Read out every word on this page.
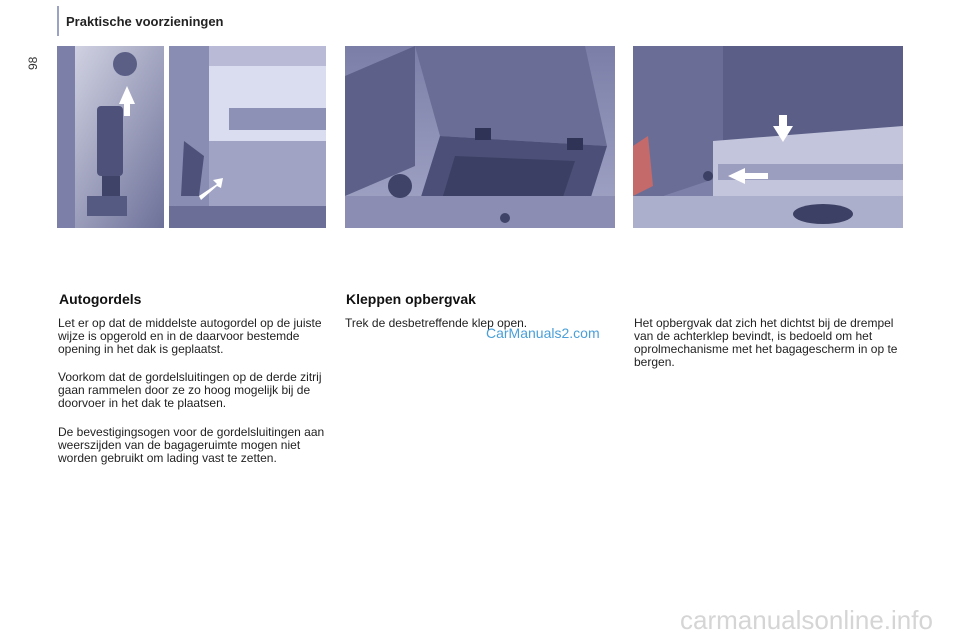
98
Praktische voorzieningen
Autogordels

Let er op dat de middelste autogordel op de juiste wijze is opgerold en in de daarvoor bestemde opening in het dak is geplaatst.

Voorkom dat de gordelsluitingen op de derde zitrij gaan rammelen door ze zo hoog mogelijk bij de doorvoer in het dak te plaatsen.

De bevestigingsogen voor de gordelsluitingen aan weerszijden van de bagageruimte mogen niet worden gebruikt om lading vast te zetten.

Kleppen opbergvak

Trek de desbetreffende klep open.	Het opbergvak dat zich het dichtst bij de drempel van de achterklep bevindt, is bedoeld om het oprolmechanisme met het bagagescherm in op te bergen.

CarManuals2.com
carmanualsonline.info
